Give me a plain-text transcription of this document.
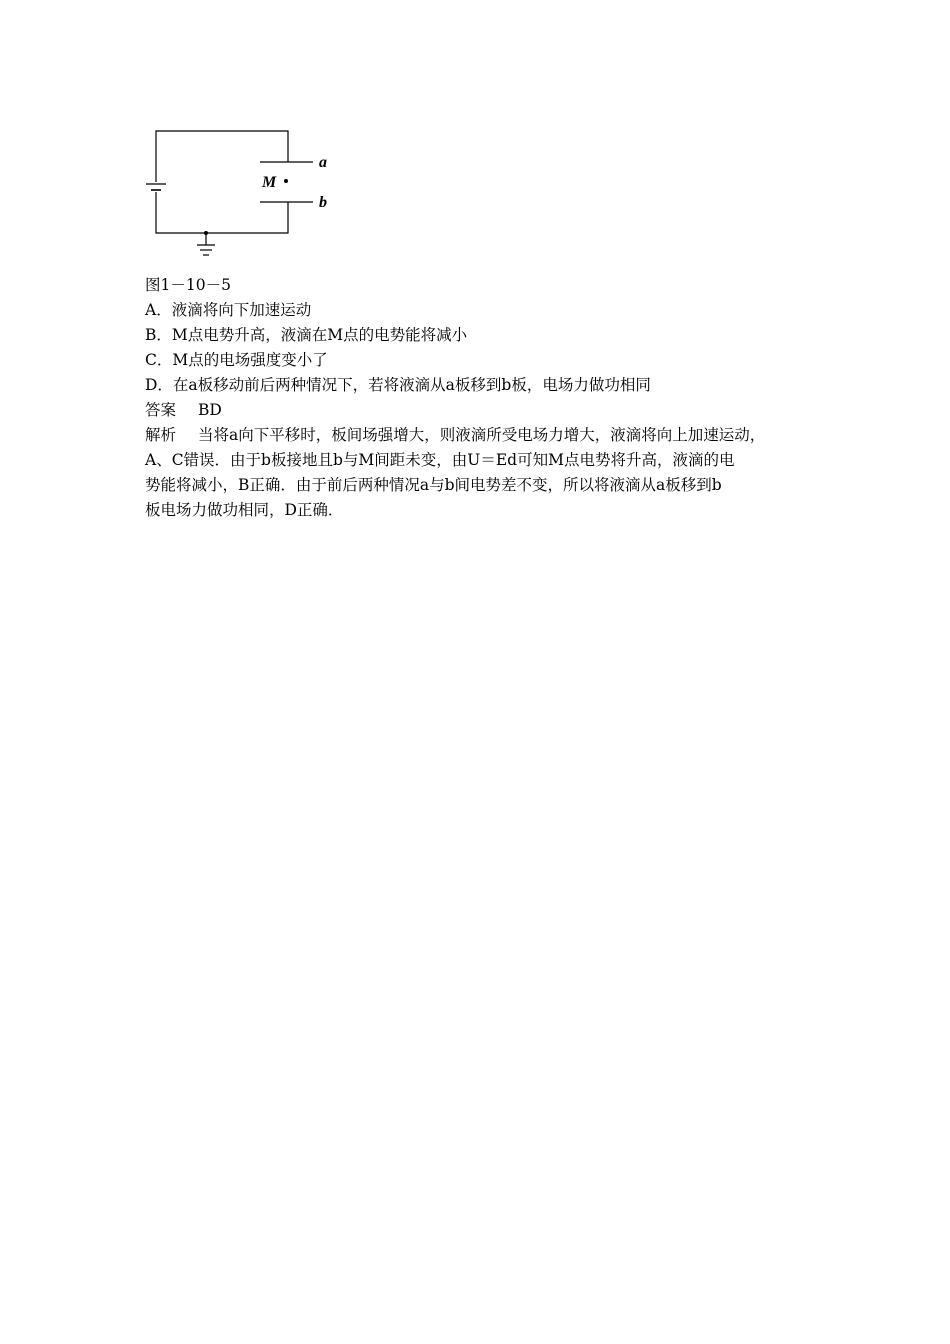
M
a
b
图1－10－5
A．液滴将向下加速运动
B．M点电势升高，液滴在M点的电势能将减小
C．M点的电场强度变小了
D．在a板移动前后两种情况下，若将液滴从a板移到b板，电场力做功相同
答案 BD
解析 当将a向下平移时，板间场强增大，则液滴所受电场力增大，液滴将向上加速运动，
A、C错误．由于b板接地且b与M间距未变，由U＝Ed可知M点电势将升高，液滴的电
势能将减小，B正确．由于前后两种情况a与b间电势差不变，所以将液滴从a板移到b
板电场力做功相同，D正确．
